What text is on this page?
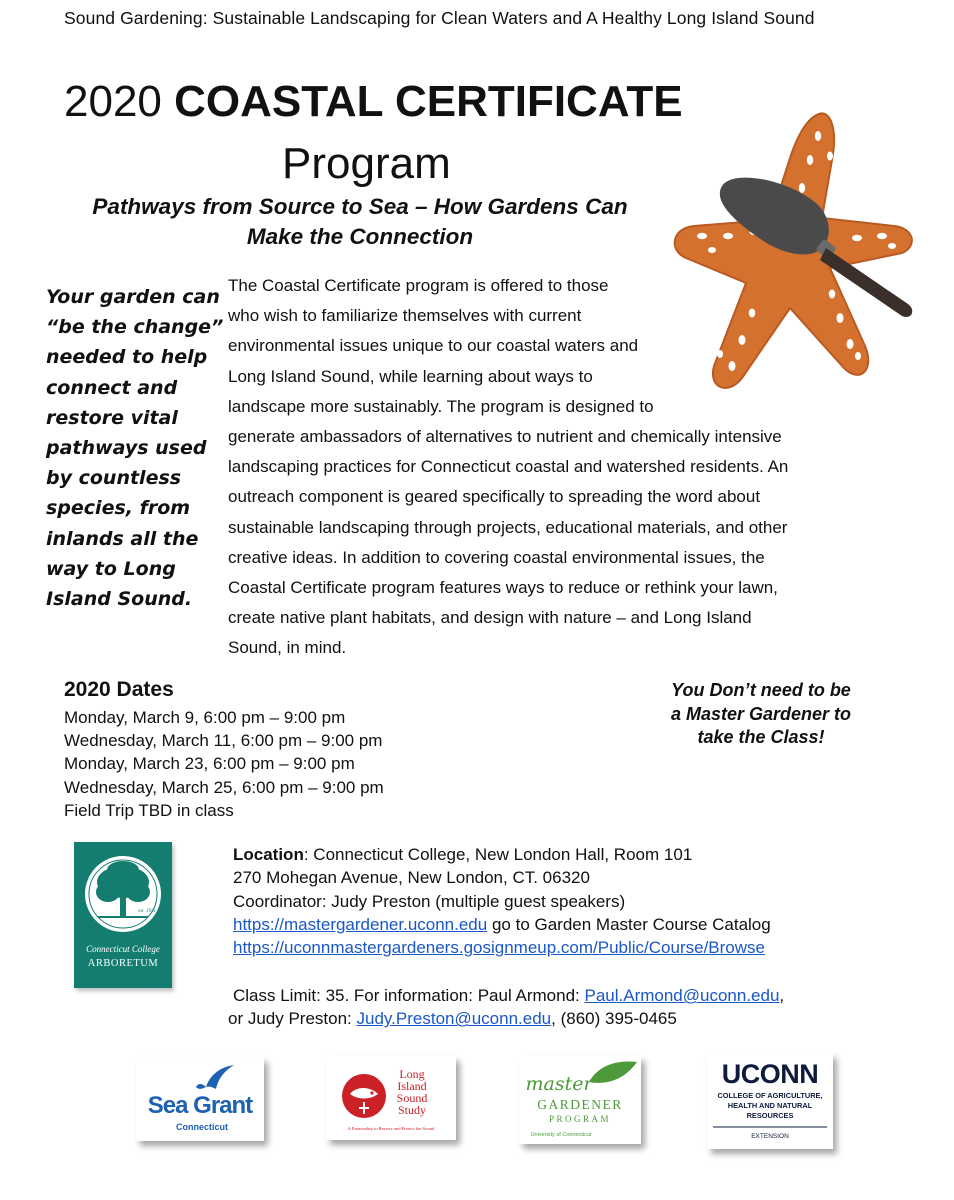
Sound Gardening: Sustainable Landscaping for Clean Waters and A Healthy Long Island Sound
2020 COASTAL CERTIFICATE
Program
Pathways from Source to Sea – How Gardens Can
Make the Connection
Your garden can
“be the change”
needed to help
connect and
restore vital
pathways used
by countless
species, from
inlands all the
way to Long
Island Sound.
The Coastal Certificate program is offered to those
who wish to familiarize themselves with current
environmental issues unique to our coastal waters and
Long Island Sound, while learning about ways to
landscape more sustainably. The program is designed to
generate ambassadors of alternatives to nutrient and chemically intensive
landscaping practices for Connecticut coastal and watershed residents. An
outreach component is geared specifically to spreading the word about
sustainable landscaping through projects, educational materials, and other
creative ideas. In addition to covering coastal environmental issues, the
Coastal Certificate program features ways to reduce or rethink your lawn,
create native plant habitats, and design with nature – and Long Island
Sound, in mind.
2020 Dates
Monday, March 9, 6:00 pm – 9:00 pm
Wednesday, March 11, 6:00 pm – 9:00 pm
Monday, March 23, 6:00 pm – 9:00 pm
Wednesday, March 25, 6:00 pm – 9:00 pm
Field Trip TBD in class
You Don’t need to be
a Master Gardener to
take the Class!
est. 1931
Connecticut College
ARBORETUM
Location: Connecticut College, New London Hall, Room 101
270 Mohegan Avenue, New London, CT. 06320
Coordinator: Judy Preston (multiple guest speakers)
https://mastergardener.uconn.edu go to Garden Master Course Catalog
https://uconnmastergardeners.gosignmeup.com/Public/Course/Browse
Class Limit: 35. For information: Paul Armond: Paul.Armond@uconn.edu,
or Judy Preston: Judy.Preston@uconn.edu, (860) 395-0465
Sea Grant
Connecticut
Long
Island
Sound
Study
A Partnership to Restore and Protect the Sound
master
GARDENER
PROGRAM
University of Connecticut
UCONN
COLLEGE OF AGRICULTURE,
HEALTH AND NATURAL
RESOURCES
EXTENSION
